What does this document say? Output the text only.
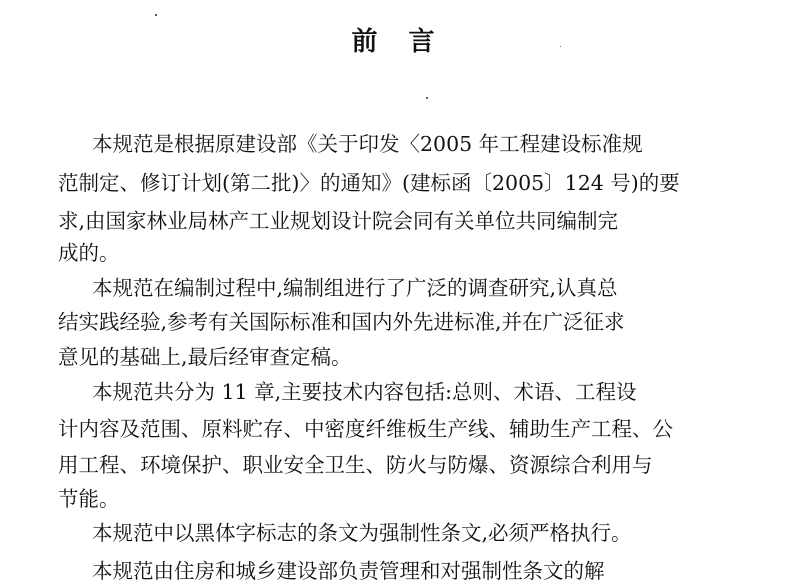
前 言
本规范是根据原建设部《关于印发〈2005 年工程建设标准规
范制定、修订计划(第二批)〉的通知》(建标函〔2005〕124 号)的要
求,由国家林业局林产工业规划设计院会同有关单位共同编制完
成的。
本规范在编制过程中,编制组进行了广泛的调查研究,认真总
结实践经验,参考有关国际标准和国内外先进标准,并在广泛征求
意见的基础上,最后经审查定稿。
本规范共分为 11 章,主要技术内容包括:总则、术语、工程设
计内容及范围、原料贮存、中密度纤维板生产线、辅助生产工程、公
用工程、环境保护、职业安全卫生、防火与防爆、资源综合利用与
节能。
本规范中以黑体字标志的条文为强制性条文,必须严格执行。
本规范由住房和城乡建设部负责管理和对强制性条文的解
